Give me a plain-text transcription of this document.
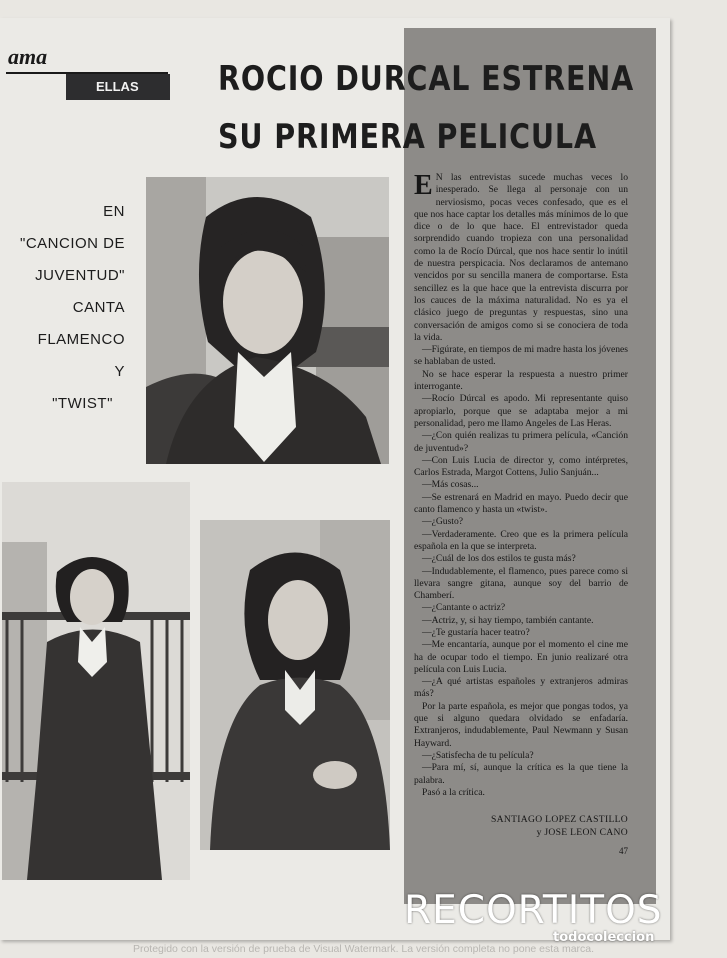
ama
ELLAS	ROCIO DURCAL ESTRENA
SU PRIMERA PELICULA
EN
"CANCION DE
JUVENTUD"
CANTA
FLAMENCO
Y
"TWIST"

E N las entrevistas sucede muchas veces lo inesperado. Se llega al personaje con un nerviosismo, pocas veces confesado, que es el que nos hace captar los detalles más mínimos de lo que dice o de lo que hace. El entrevistador queda sorprendido cuando tropieza con una personalidad como la de Rocío Dúrcal, que nos hace sentir lo inútil de nuestra perspicacia. Nos declaramos de antemano vencidos por su sencilla manera de comportarse. Esta sencillez es la que hace que la entrevista discurra por los cauces de la máxima naturalidad. No es ya el clásico juego de preguntas y respuestas, sino una conversación de amigos como si se conociera de toda la vida.

—Figúrate, en tiempos de mi madre hasta los jóvenes se hablaban de usted.

No se hace esperar la respuesta a nuestro primer interrogante.

—Rocío Dúrcal es apodo. Mi representante quiso apropiarlo, porque que se adaptaba mejor a mi personalidad, pero me llamo Angeles de Las Heras.

—¿Con quién realizas tu primera película, «Canción de juventud»?

—Con Luis Lucia de director y, como intérpretes, Carlos Estrada, Margot Cottens, Julio Sanjuán...

—Más cosas...

—Se estrenará en Madrid en mayo. Puedo decir que canto flamenco y hasta un «twist».

—¿Gusto?

—Verdaderamente. Creo que es la primera película española en la que se interpreta.

—¿Cuál de los dos estilos te gusta más?

—Indudablemente, el flamenco, pues parece como si llevara sangre gitana, aunque soy del barrio de Chamberí.

—¿Cantante o actriz?

—Actriz, y, si hay tiempo, también cantante.

—¿Te gustaría hacer teatro?

—Me encantaría, aunque por el momento el cine me ha de ocupar todo el tiempo. En junio realizaré otra película con Luis Lucia.

—¿A qué artistas españoles y extranjeros admiras más?

Por la parte española, es mejor que pongas todos, ya que si alguno quedara olvidado se enfadaría. Extranjeros, indudablemente, Paul Newmann y Susan Hayward.

—¿Satisfecha de tu película?

—Para mí, sí, aunque la crítica es la que tiene la palabra.

Pasó a la crítica.

SANTIAGO LOPEZ CASTILLO
y JOSE LEON CANO
47
RECORTITOS
todocoleccion
Protegido con la versión de prueba de Visual Watermark. La versión completa no pone esta marca.
